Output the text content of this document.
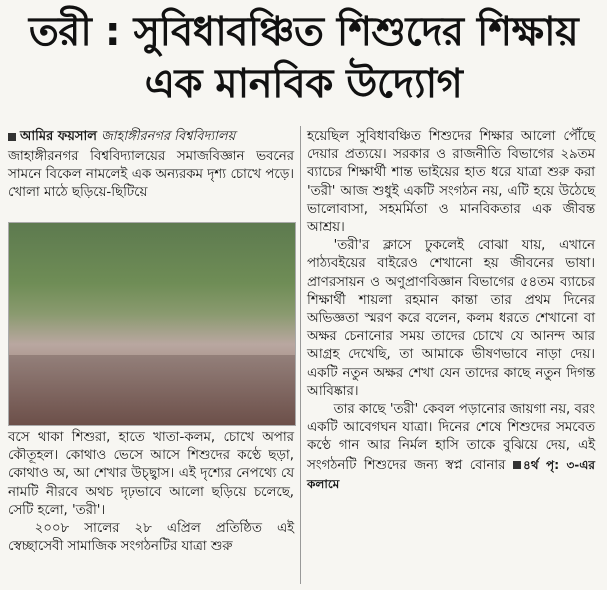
তরী : সুবিধাবঞ্চিত শিশুদের শিক্ষায়
এক মানবিক উদ্যোগ
আমির ফয়সাল জাহাঙ্গীরনগর বিশ্ববিদ্যালয়

জাহাঙ্গীরনগর বিশ্ববিদ্যালয়ের সমাজবিজ্ঞান ভবনের সামনে বিকেল নামলেই এক অন্যরকম দৃশ্য চোখে পড়ে। খোলা মাঠে ছড়িয়ে-ছিটিয়ে

বসে থাকা শিশুরা, হাতে খাতা-কলম, চোখে অপার কৌতূহল। কোথাও ভেসে আসে শিশুদের কণ্ঠে ছড়া, কোথাও অ, আ শেখার উচ্ছ্বাস। এই দৃশ্যের নেপথ্যে যে নামটি নীরবে অথচ দৃঢ়ভাবে আলো ছড়িয়ে চলেছে, সেটি হলো, 'তরী'।

২০০৮ সালের ২৮ এপ্রিল প্রতিষ্ঠিত এই স্বেচ্ছাসেবী সামাজিক সংগঠনটির যাত্রা শুরু

হয়েছিল সুবিধাবঞ্চিত শিশুদের শিক্ষার আলো পৌঁছে দেয়ার প্রত্যয়ে। সরকার ও রাজনীতি বিভাগের ২৯তম ব্যাচের শিক্ষার্থী শান্ত ভাইয়ের হাত ধরে যাত্রা শুরু করা 'তরী' আজ শুধুই একটি সংগঠন নয়, এটি হয়ে উঠেছে ভালোবাসা, সহমর্মিতা ও মানবিকতার এক জীবন্ত আশ্রয়।

'তরী'র ক্লাসে ঢুকলেই বোঝা যায়, এখানে পাঠ্যবইয়ের বাইরেও শেখানো হয় জীবনের ভাষা। প্রাণরসায়ন ও অণুপ্রাণবিজ্ঞান বিভাগের ৫৪তম ব্যাচের শিক্ষার্থী শায়লা রহমান কান্তা তার প্রথম দিনের অভিজ্ঞতা স্মরণ করে বলেন, কলম ধরতে শেখানো বা অক্ষর চেনানোর সময় তাদের চোখে যে আনন্দ আর আগ্রহ দেখেছি, তা আমাকে ভীষণভাবে নাড়া দেয়। একটি নতুন অক্ষর শেখা যেন তাদের কাছে নতুন দিগন্ত আবিষ্কার।

তার কাছে 'তরী' কেবল পড়ানোর জায়গা নয়, বরং একটি আবেগঘন যাত্রা। দিনের শেষে শিশুদের সমবেত কণ্ঠে গান আর নির্মল হাসি তাকে বুঝিয়ে দেয়, এই সংগঠনটি শিশুদের জন্য স্বপ্ন বোনার ৪র্থ পৃ: ৩-এর কলামে
